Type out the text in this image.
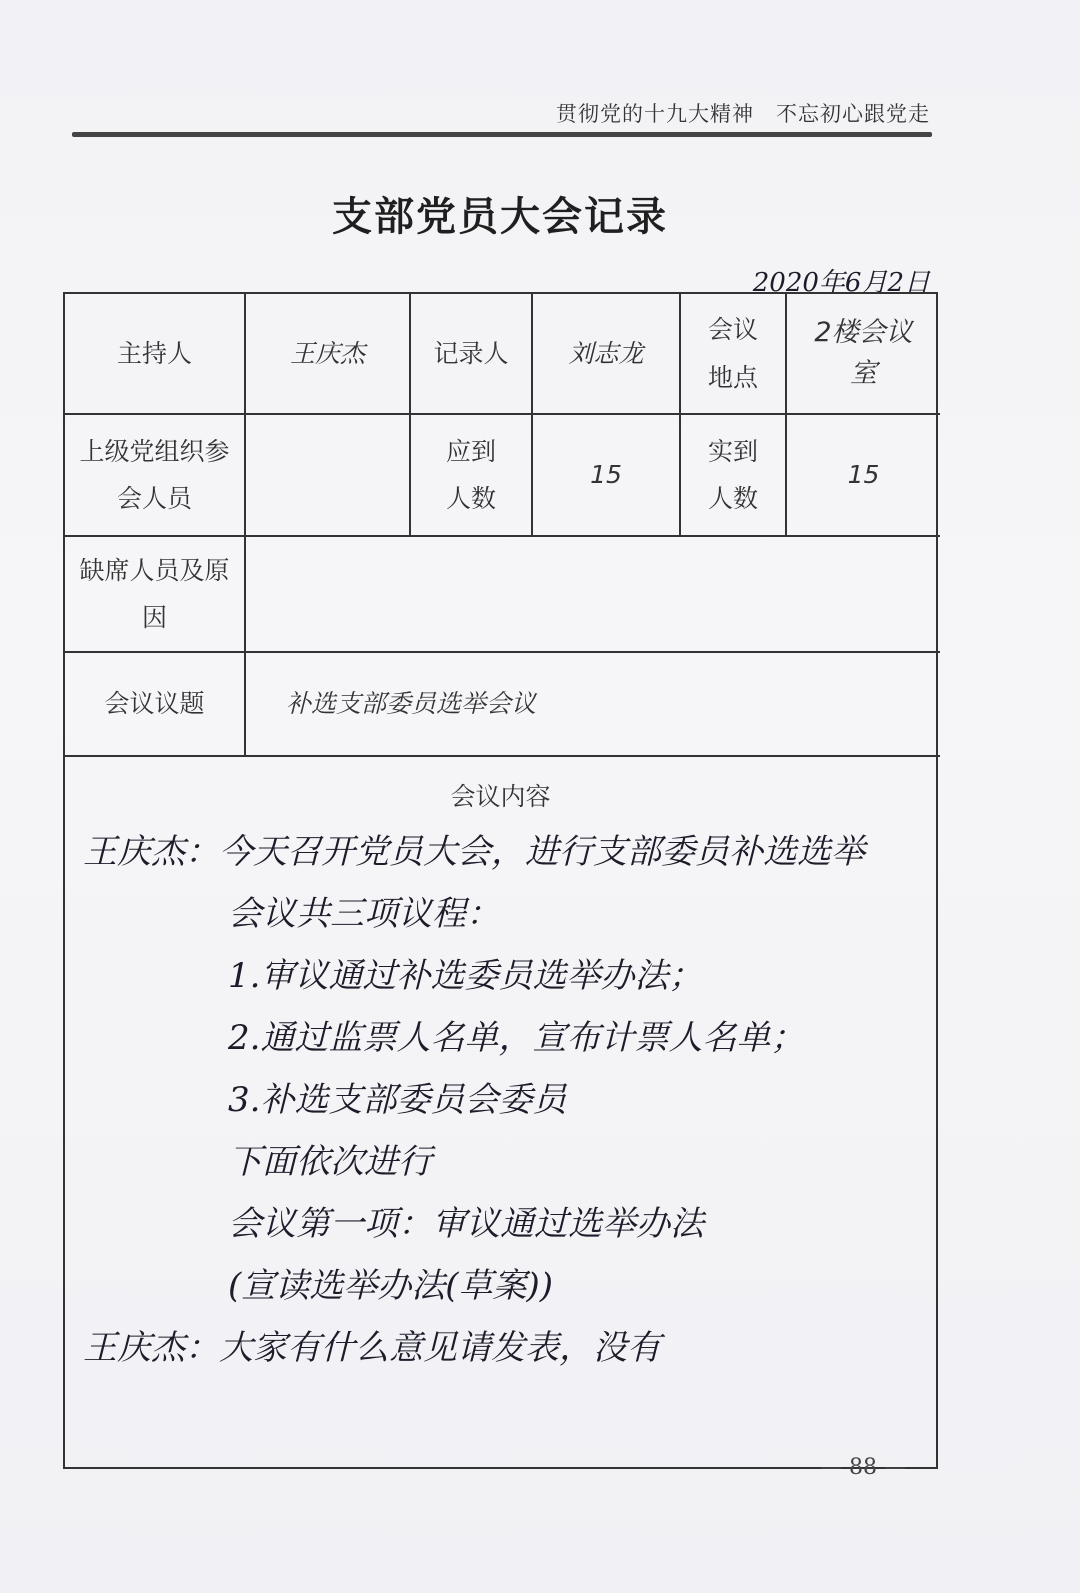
贯彻党的十九大精神　不忘初心跟党走
支部党员大会记录
2020年6月2日
主持人	王庆杰	记录人	刘志龙	会议地点	2楼会议室
上级党组织参会人员		应到人数	15	实到人数	15
缺席人员及原因					
会议议题	补选支部委员选举会议				
会议内容
王庆杰：今天召开党员大会，进行支部委员补选选举
会议共三项议程：
1.审议通过补选委员选举办法；
2.通过监票人名单，宣布计票人名单；
3.补选支部委员会委员
下面依次进行
会议第一项：审议通过选举办法
(宣读选举办法(草案))
王庆杰：大家有什么意见请发表，没有
— 88 —
